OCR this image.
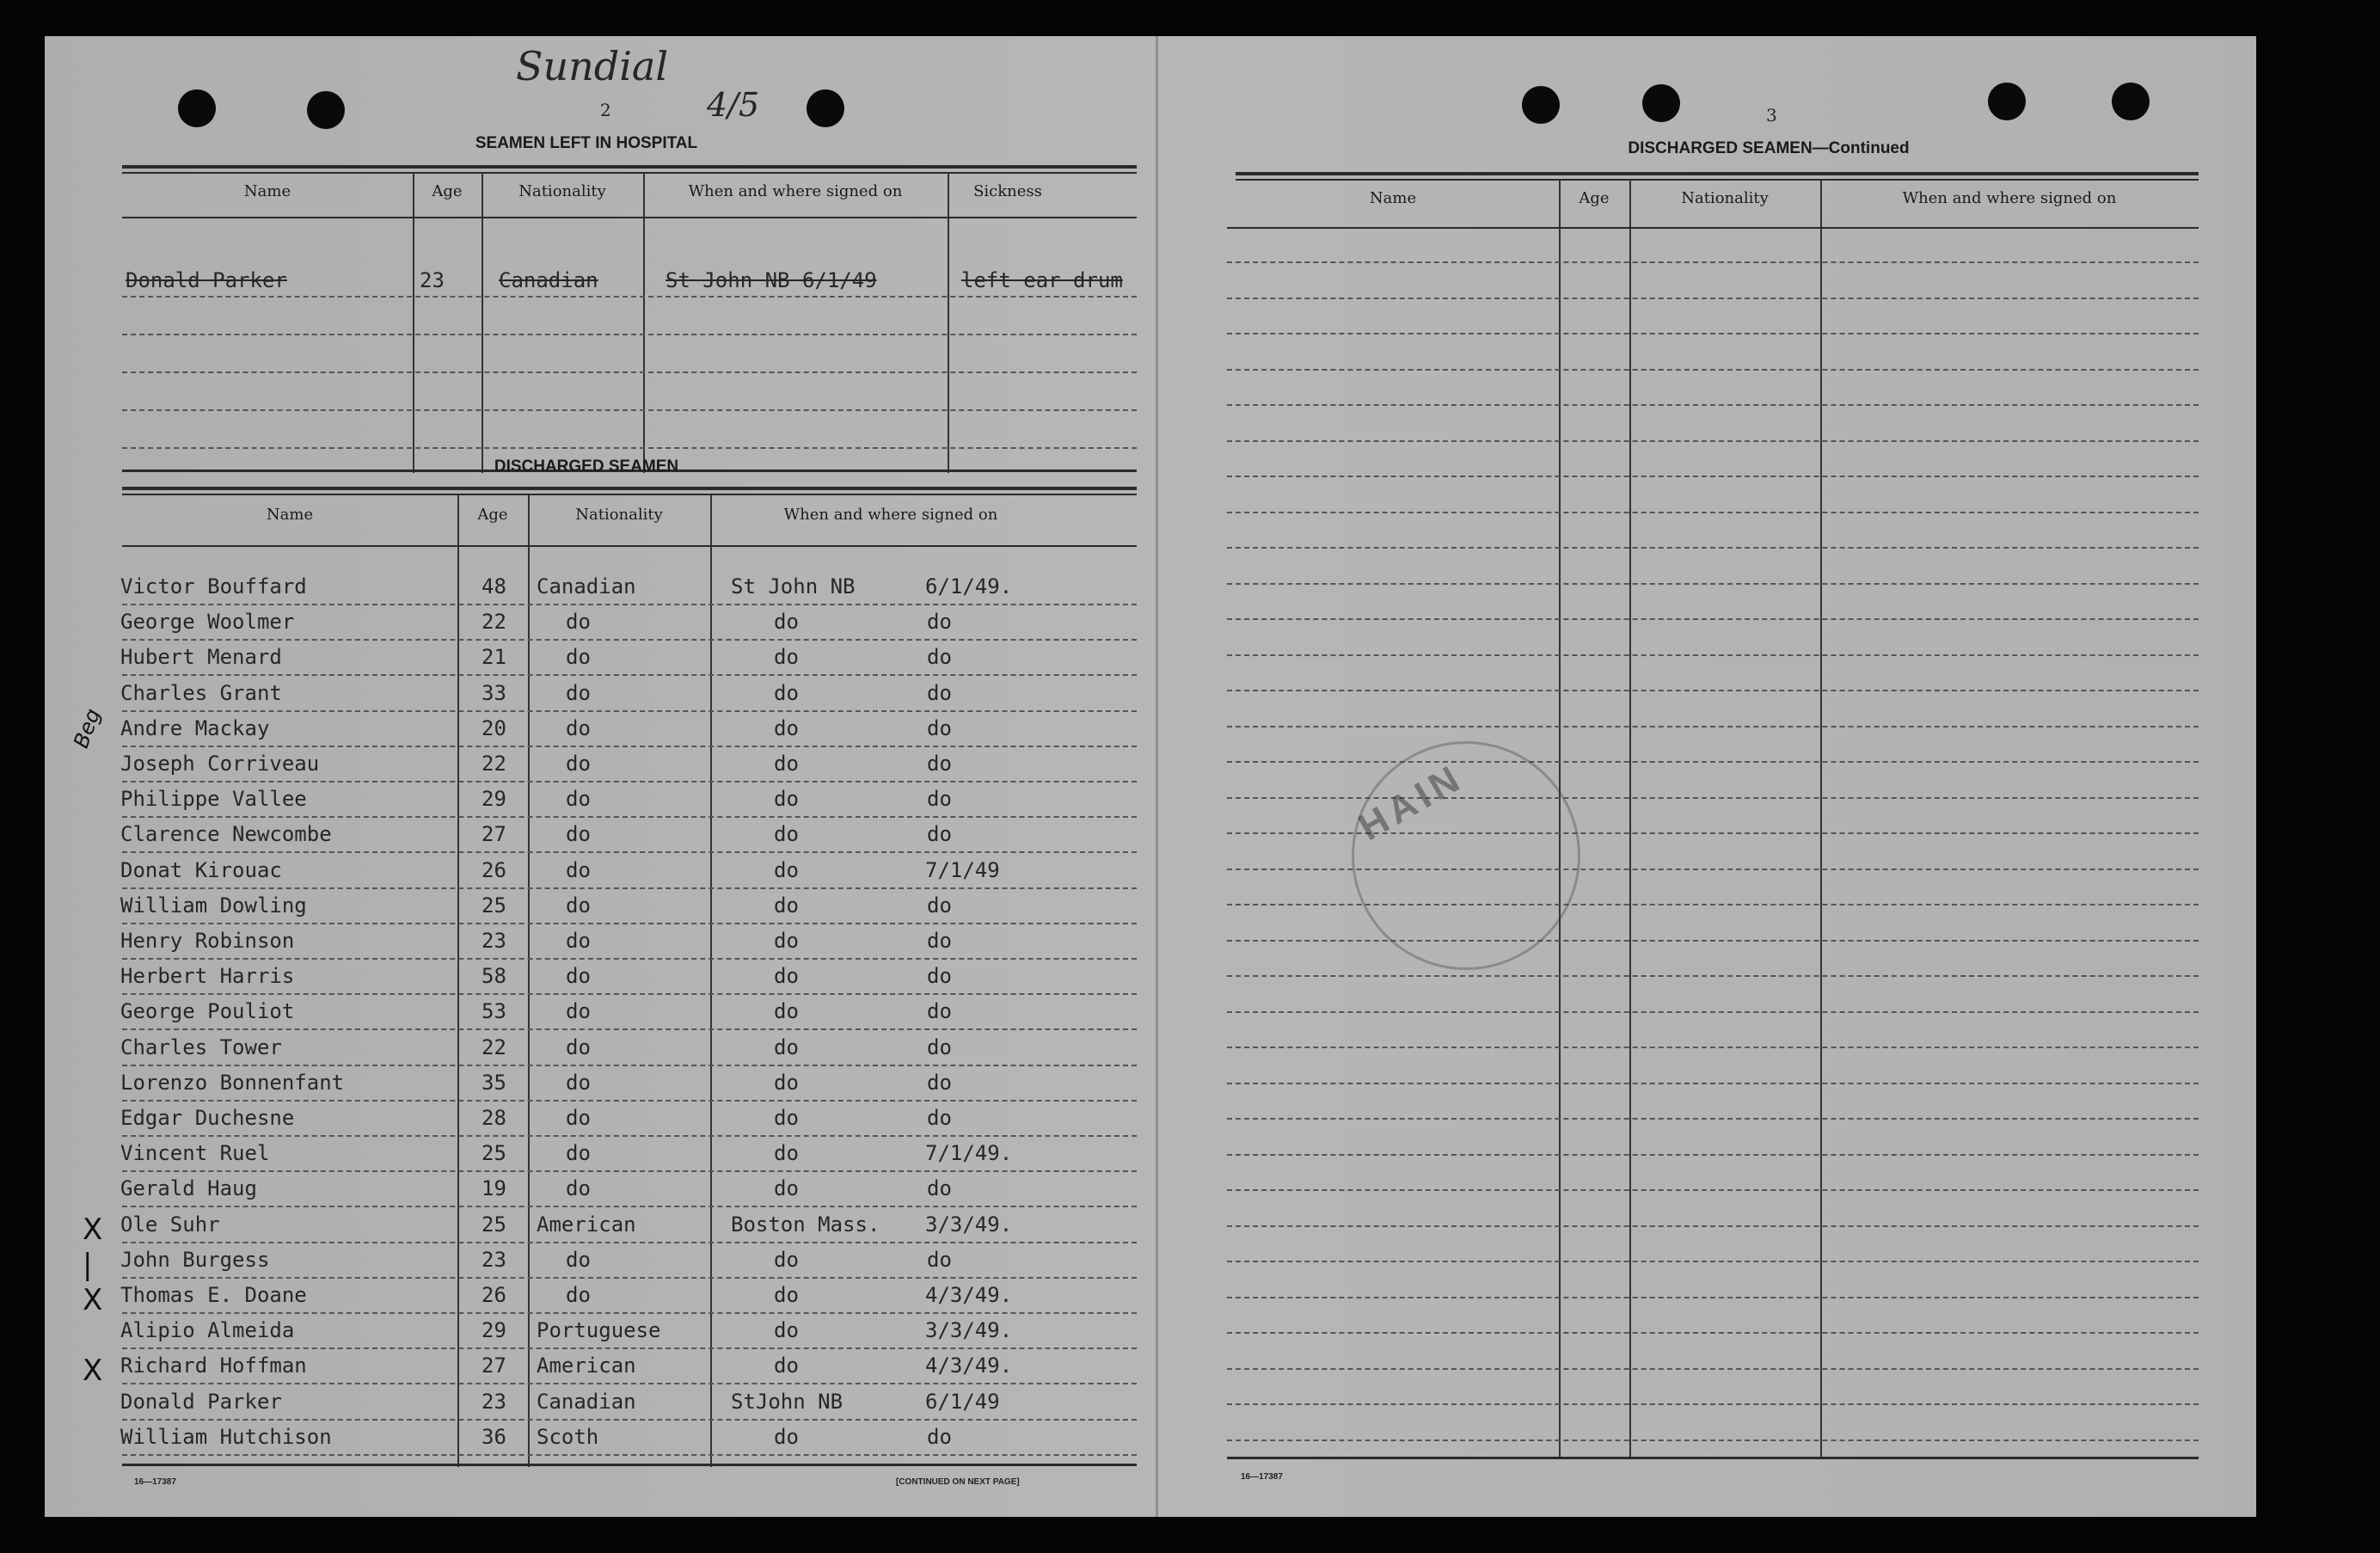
Sundial
4/5
2
SEAMEN LEFT IN HOSPITAL
Name	Age	Nationality	When and where signed on	Sickness
Donald Parker	23	Canadian	St John NB 6/1/49	left ear drum
DISCHARGED SEAMEN
Name	Age	Nationality	When and where signed on
Victor Bouffard	48 Canadian	St John NB	6/1/49.
George Woolmer	22	do	do	do
Hubert Menard	21	do	do	do
Charles Grant	33	do	do	do
Beg Andre Mackay	20	do	do	do
Joseph Corriveau	22	do	do	do
Philippe Vallee	29	do	do	do
Clarence Newcombe	27	do	do	do
Donat Kirouac	26	do	do	7/1/49
William Dowling	25	do	do	do
Henry Robinson	23	do	do	do
Herbert Harris	58	do	do	do
George Pouliot	53	do	do	do
Charles Tower	22	do	do	do
Lorenzo Bonnenfant	35	do	do	do
Edgar Duchesne	28	do	do	do
Vincent Ruel	25	do	do	7/1/49.
Gerald Haug	19	do	do	do
X Ole Suhr	25 American	Boston Mass. 3/3/49.
| John Burgess	23	do	do	do
X Thomas E. Doane	26	do	do	4/3/49.
Alipio Almeida	29 Portuguese	do	3/3/49.
X Richard Hoffman	27 American	do	4/3/49.
Donald Parker	23 Canadian	StJohn NB	6/1/49
William Hutchison	36 Scoth	do	do
16—17387	[CONTINUED ON NEXT PAGE]
3
DISCHARGED SEAMEN—Continued
Name	Age	Nationality	When and where signed on
16—17387
HAIN
